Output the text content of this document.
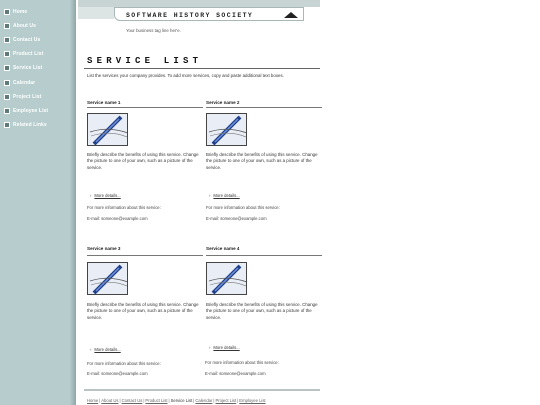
Home
About Us
Contact Us
Product List
Service List
Calendar
Project List
Employee List
Related Links
SOFTWARE HISTORY SOCIETY
Your business tag line her'e.
SERVICE LIST
List the services your company provides. To add more services, copy and paste additional text boxes.
Service name 1
Briefly describe the benefits of using this service. Change the picture to one of your own, such as a picture of the service.
› More details...
For more information about this service:
E-mail: someone@example.com
Service name 2
Briefly describe the benefits of using this service. Change the picture to one of your own, such as a picture of the service.
› More details...
For more information about this service:
E-mail: someone@example.com
Service name 3
Briefly describe the benefits of using this service. Change the picture to one of your own, such as a picture of the service.
› More details...
For more information about this service:
E-mail: someone@example.com
Service name 4
Briefly describe the benefits of using this service. Change the picture to one of your own, such as a picture of the service.
› More details...
For more information about this service:
E-mail: someone@example.com
Home|About Us|Contact Us|Product List|Service List|Calendar|Project List|Employee List
